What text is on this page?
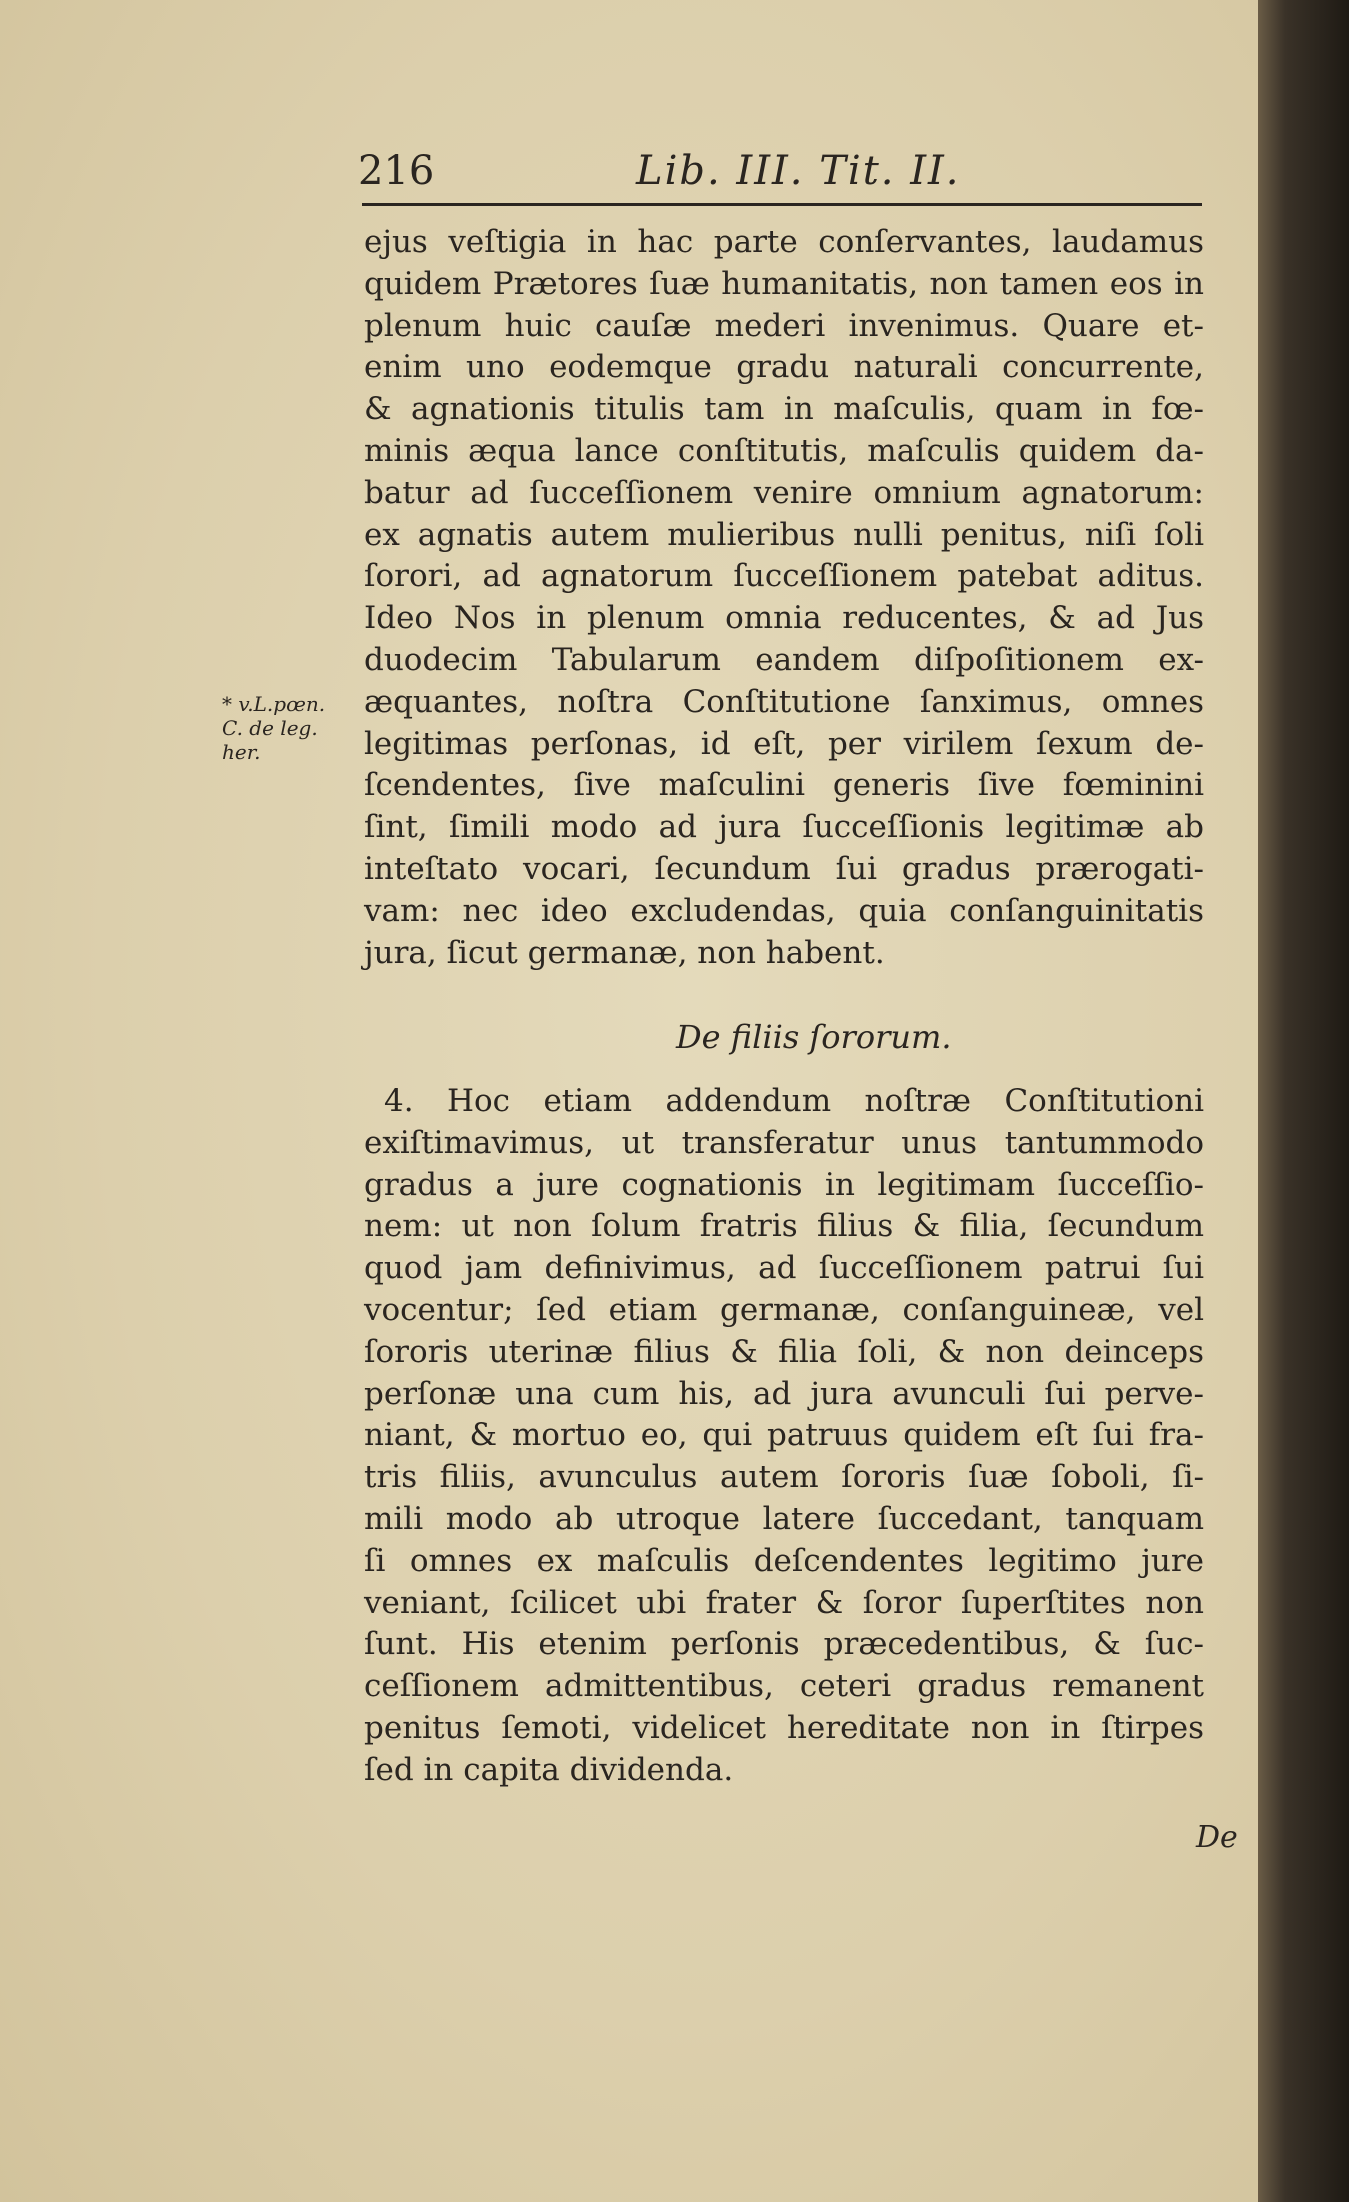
216	Lib. III. Tit. II.
ejus veſtigia in hac parte conſervantes, laudamus
quidem Prætores ſuæ humanitatis, non tamen eos in
plenum huic cauſæ mederi invenimus. Quare et-
enim uno eodemque gradu naturali concurrente,
& agnationis titulis tam in maſculis, quam in fœ-
minis æqua lance conſtitutis, maſculis quidem da-
batur ad ſucceſſionem venire omnium agnatorum:
ex agnatis autem mulieribus nulli penitus, niſi ſoli
ſorori, ad agnatorum ſucceſſionem patebat aditus.
Ideo Nos in plenum omnia reducentes, & ad Jus
duodecim Tabularum eandem diſpoſitionem ex-
æquantes, noſtra Conſtitutione ſanximus, omnes
legitimas perſonas, id eſt, per virilem ſexum de-
ſcendentes, ſive maſculini generis ſive fœminini
ſint, ſimili modo ad jura ſucceſſionis legitimæ ab
inteſtato vocari, ſecundum ſui gradus prærogati-
vam: nec ideo excludendas, quia conſanguinitatis
jura, ſicut germanæ, non habent.
* v.L.pœn.
C. de leg.
her.
De filiis ſororum.
4. Hoc etiam addendum noſtræ Conſtitutioni
exiſtimavimus, ut transferatur unus tantummodo
gradus a jure cognationis in legitimam ſucceſſio-
nem: ut non ſolum fratris filius & filia, ſecundum
quod jam definivimus, ad ſucceſſionem patrui ſui
vocentur; ſed etiam germanæ, conſanguineæ, vel
ſororis uterinæ filius & filia ſoli, & non deinceps
perſonæ una cum his, ad jura avunculi ſui perve-
niant, & mortuo eo, qui patruus quidem eſt ſui fra-
tris filiis, avunculus autem ſororis ſuæ ſoboli, ſi-
mili modo ab utroque latere ſuccedant, tanquam
ſi omnes ex maſculis deſcendentes legitimo jure
veniant, ſcilicet ubi frater & ſoror ſuperſtites non
ſunt. His etenim perſonis præcedentibus, & ſuc-
ceſſionem admittentibus, ceteri gradus remanent
penitus ſemoti, videlicet hereditate non in ſtirpes
ſed in capita dividenda.
De
